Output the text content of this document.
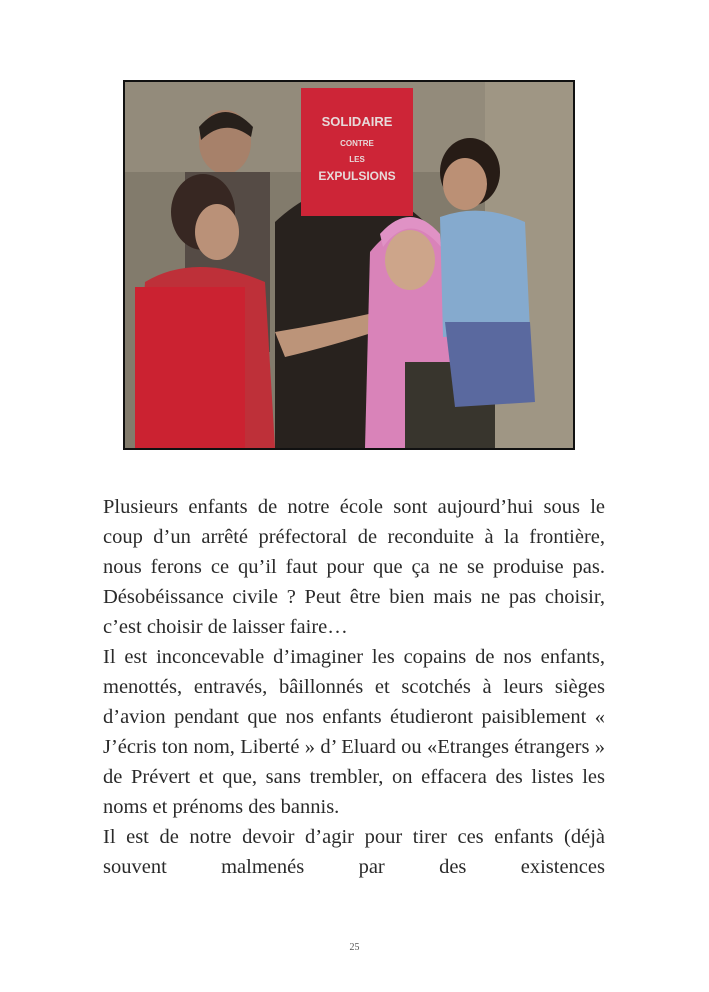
SOLIDAIRE
CONTRE
LES
EXPULSIONS

Plusieurs enfants de notre école sont aujourd’hui sous le coup d’un arrêté préfectoral de reconduite à la frontière, nous ferons ce qu’il faut pour que ça ne se produise pas. Désobéissance civile ? Peut être bien mais ne pas choisir, c’est choisir de laisser faire…

Il est inconcevable d’imaginer les copains de nos enfants, menottés, entravés, bâillonnés et scotchés à leurs sièges d’avion pendant que nos enfants étudieront paisiblement « J’écris ton nom, Liberté » d’ Eluard ou «Etranges étrangers » de Prévert et que, sans trembler, on effacera des listes les noms et prénoms des bannis.

Il est de notre devoir d’agir pour tirer ces enfants (déjà souvent malmenés par des existences

25
